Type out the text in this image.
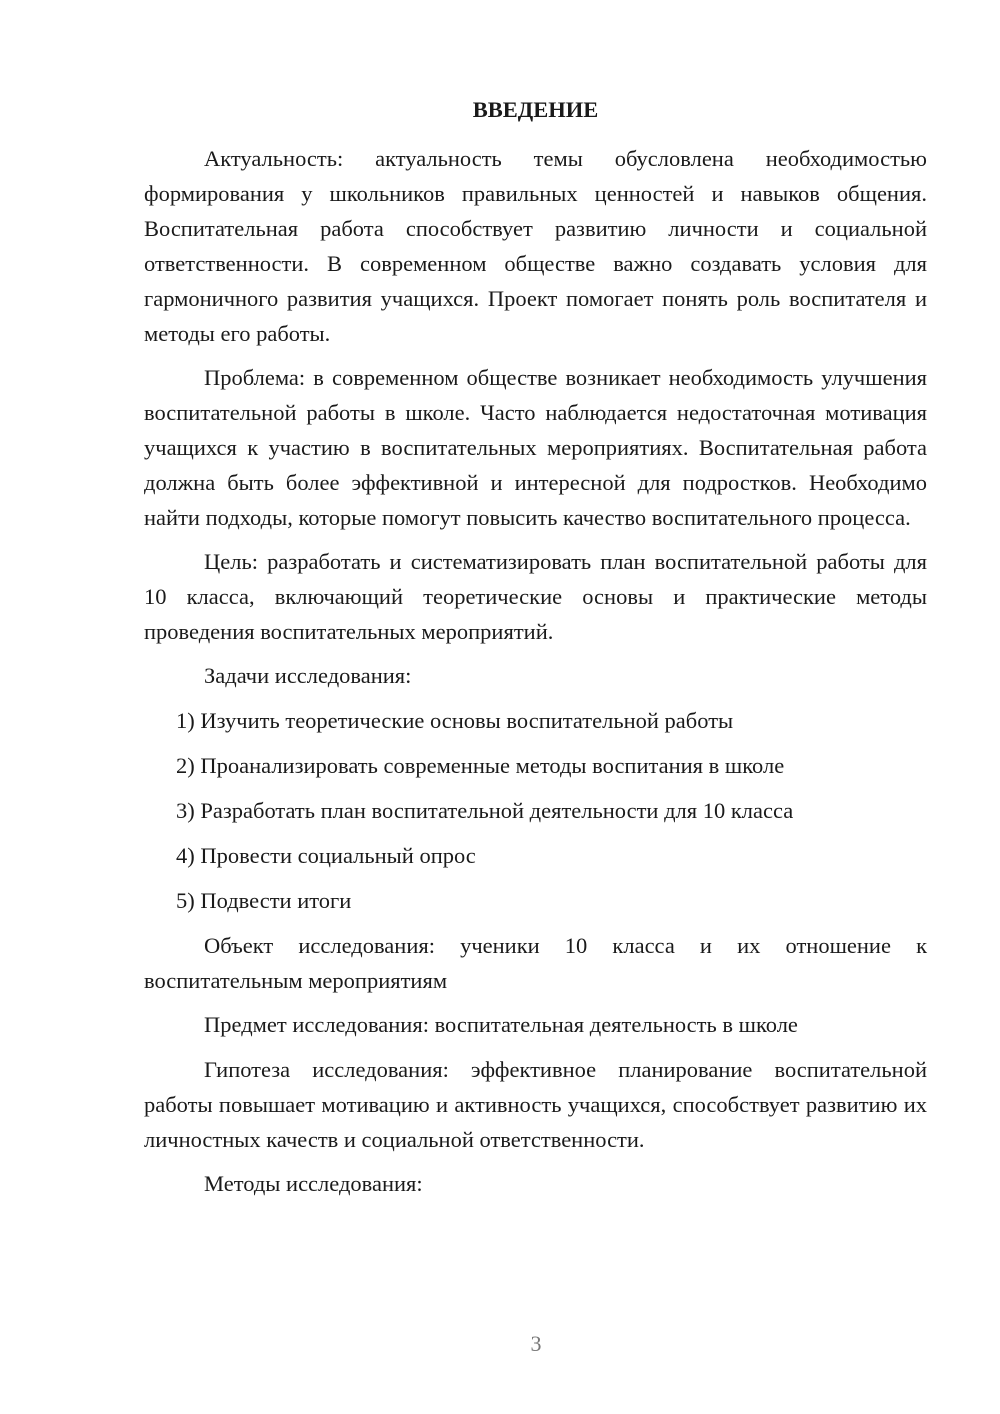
ВВЕДЕНИЕ

Актуальность: актуальность темы обусловлена необходимостью формирования у школьников правильных ценностей и навыков общения. Воспитательная работа способствует развитию личности и социальной ответственности. В современном обществе важно создавать условия для гармоничного развития учащихся. Проект помогает понять роль воспитателя и методы его работы.

Проблема: в современном обществе возникает необходимость улучшения воспитательной работы в школе. Часто наблюдается недостаточная мотивация учащихся к участию в воспитательных мероприятиях. Воспитательная работа должна быть более эффективной и интересной для подростков. Необходимо найти подходы, которые помогут повысить качество воспитательного процесса.

Цель: разработать и систематизировать план воспитательной работы для 10 класса, включающий теоретические основы и практические методы проведения воспитательных мероприятий.

Задачи исследования:

1) Изучить теоретические основы воспитательной работы

2) Проанализировать современные методы воспитания в школе

3) Разработать план воспитательной деятельности для 10 класса

4) Провести социальный опрос

5) Подвести итоги

Объект исследования: ученики 10 класса и их отношение к воспитательным мероприятиям

Предмет исследования: воспитательная деятельность в школе

Гипотеза исследования: эффективное планирование воспитательной работы повышает мотивацию и активность учащихся, способствует развитию их личностных качеств и социальной ответственности.

Методы исследования:

3
